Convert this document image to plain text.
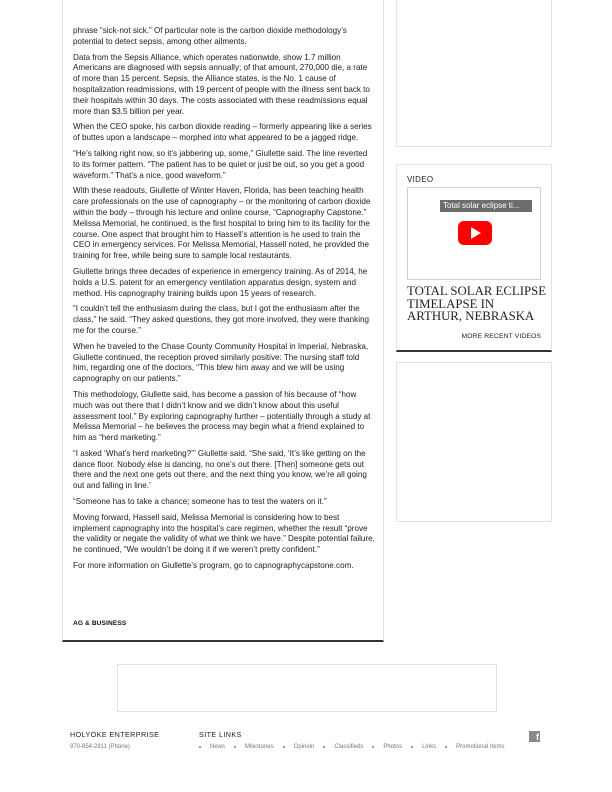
phrase “sick-not sick.” Of particular note is the carbon dioxide methodology’s potential to detect sepsis, among other ailments.

Data from the Sepsis Alliance, which operates nationwide, show 1.7 million Americans are diagnosed with sepsis annually; of that amount, 270,000 die, a rate of more than 15 percent. Sepsis, the Alliance states, is the No. 1 cause of hospitalization readmissions, with 19 percent of people with the illness sent back to their hospitals within 30 days. The costs associated with these readmissions equal more than $3.5 billion per year.

When the CEO spoke, his carbon dioxide reading – formerly appearing like a series of buttes upon a landscape – morphed into what appeared to be a jagged ridge.

“He’s talking right now, so it’s jabbering up, some,” Giullette said. The line reverted to its former pattern. “The patient has to be quiet or just be out, so you get a good waveform.” That’s a nice, good waveform.”

With these readouts, Giullette of Winter Haven, Florida, has been teaching health care professionals on the use of capnography – or the monitoring of carbon dioxide within the body – through his lecture and online course, “Capnography Capstone.” Melissa Memorial, he continued, is the first hospital to bring him to its facility for the course. One aspect that brought him to Hassell’s attention is he used to train the CEO in emergency services. For Melissa Memorial, Hassell noted, he provided the training for free, while being sure to sample local restaurants.

Giullette brings three decades of experience in emergency training. As of 2014, he holds a U.S. patent for an emergency ventilation apparatus design, system and method. His capnography training builds upon 15 years of research.

“I couldn’t tell the enthusiasm during the class, but I got the enthusiasm after the class,” he said. “They asked questions, they got more involved, they were thanking me for the course.”

When he traveled to the Chase County Community Hospital in Imperial, Nebraska, Giullette continued, the reception proved similarly positive: The nursing staff told him, regarding one of the doctors, “This blew him away and we will be using capnography on our patients.”

This methodology, Giullette said, has become a passion of his because of “how much was out there that I didn’t know and we didn’t know about this useful assessment tool.” By exploring capnography further – potentially through a study at Melissa Memorial – he believes the process may begin what a friend explained to him as “herd marketing.”

“I asked ‘What’s herd marketing?’” Giullette said. “She said, ‘It’s like getting on the dance floor. Nobody else is dancing, no one’s out there. [Then] someone gets out there and the next one gets out there, and the next thing you know, we’re all going out and falling in line.’

“Someone has to take a chance; someone has to test the waters on it.”

Moving forward, Hassell said, Melissa Memorial is considering how to best implement capnography into the hospital’s care regimen, whether the result “prove the validity or negate the validity of what we think we have.” Despite potential failure, he continued, “We wouldn’t be doing it if we weren’t pretty confident.”

For more information on Giullette’s program, go to capnographycapstone.com.

AG & BUSINESS
VIDEO
Total solar eclipse ti...
TOTAL SOLAR ECLIPSE TIMELAPSE IN ARTHUR, NEBRASKA
MORE RECENT VIDEOS
HOLYOKE ENTERPRISE
970-854-2811 (Phone)
SITE LINKS
News	Milestones	Opinion	Classifieds	Photos	Links	Promotional Items
f
